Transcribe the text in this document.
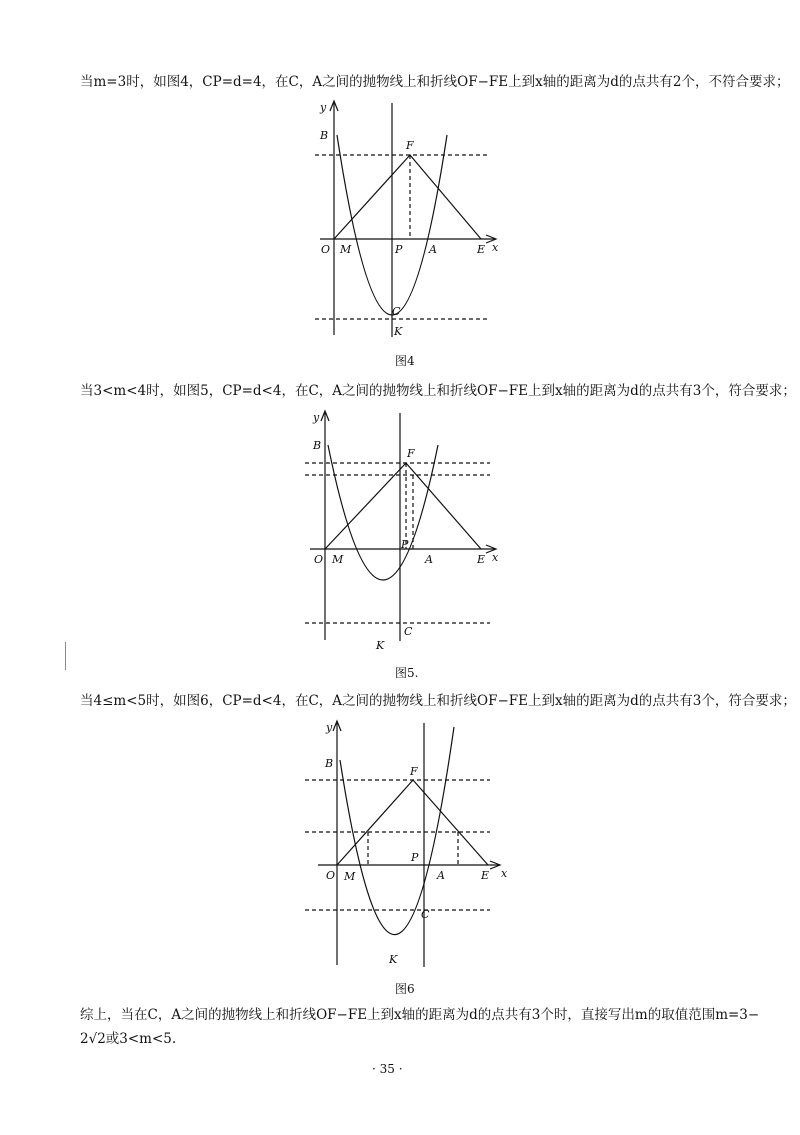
当m=3时，如图4，CP=d=4，在C，A之间的抛物线上和折线OF−FE上到x轴的距离为d的点共有2个，不符合要求；
y
B
F
O M	P A	E x
C
K
图4
当3<m<4时，如图5，CP=d<4，在C，A之间的抛物线上和折线OF−FE上到x轴的距离为d的点共有3个，符合要求；
y
B
F
O M
P
A	E x
C
K
图5.
当4≤m<5时，如图6，CP=d<4，在C，A之间的抛物线上和折线OF−FE上到x轴的距离为d的点共有3个，符合要求；
y
B
F
O M
P
A	E x
C
K
图6
综上，当在C，A之间的抛物线上和折线OF−FE上到x轴的距离为d的点共有3个时，直接写出m的取值范围m=3−
2√2或3<m<5.
· 35 ·
